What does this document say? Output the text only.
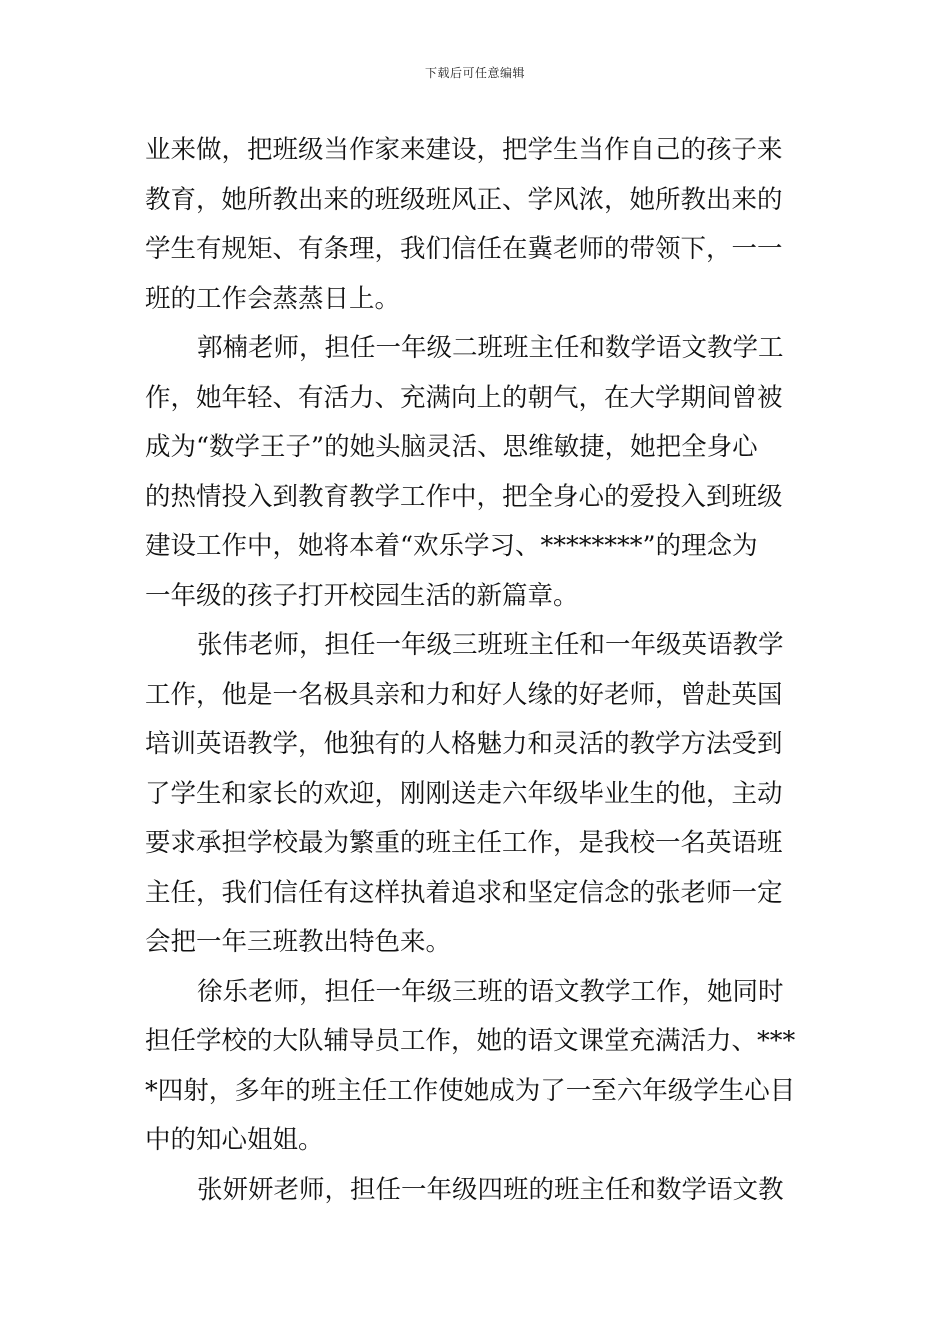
下载后可任意编辑
业来做，把班级当作家来建设，把学生当作自己的孩子来
教育，她所教出来的班级班风正、学风浓，她所教出来的
学生有规矩、有条理，我们信任在冀老师的带领下，一一
班的工作会蒸蒸日上。
郭楠老师，担任一年级二班班主任和数学语文教学工
作，她年轻、有活力、充满向上的朝气，在大学期间曾被
成为“数学王子”的她头脑灵活、思维敏捷，她把全身心
的热情投入到教育教学工作中，把全身心的爱投入到班级
建设工作中，她将本着“欢乐学习、********”的理念为
一年级的孩子打开校园生活的新篇章。
张伟老师，担任一年级三班班主任和一年级英语教学
工作，他是一名极具亲和力和好人缘的好老师，曾赴英国
培训英语教学，他独有的人格魅力和灵活的教学方法受到
了学生和家长的欢迎，刚刚送走六年级毕业生的他，主动
要求承担学校最为繁重的班主任工作，是我校一名英语班
主任，我们信任有这样执着追求和坚定信念的张老师一定
会把一年三班教出特色来。
徐乐老师，担任一年级三班的语文教学工作，她同时
担任学校的大队辅导员工作，她的语文课堂充满活力、***
*四射，多年的班主任工作使她成为了一至六年级学生心目
中的知心姐姐。
张妍妍老师，担任一年级四班的班主任和数学语文教
